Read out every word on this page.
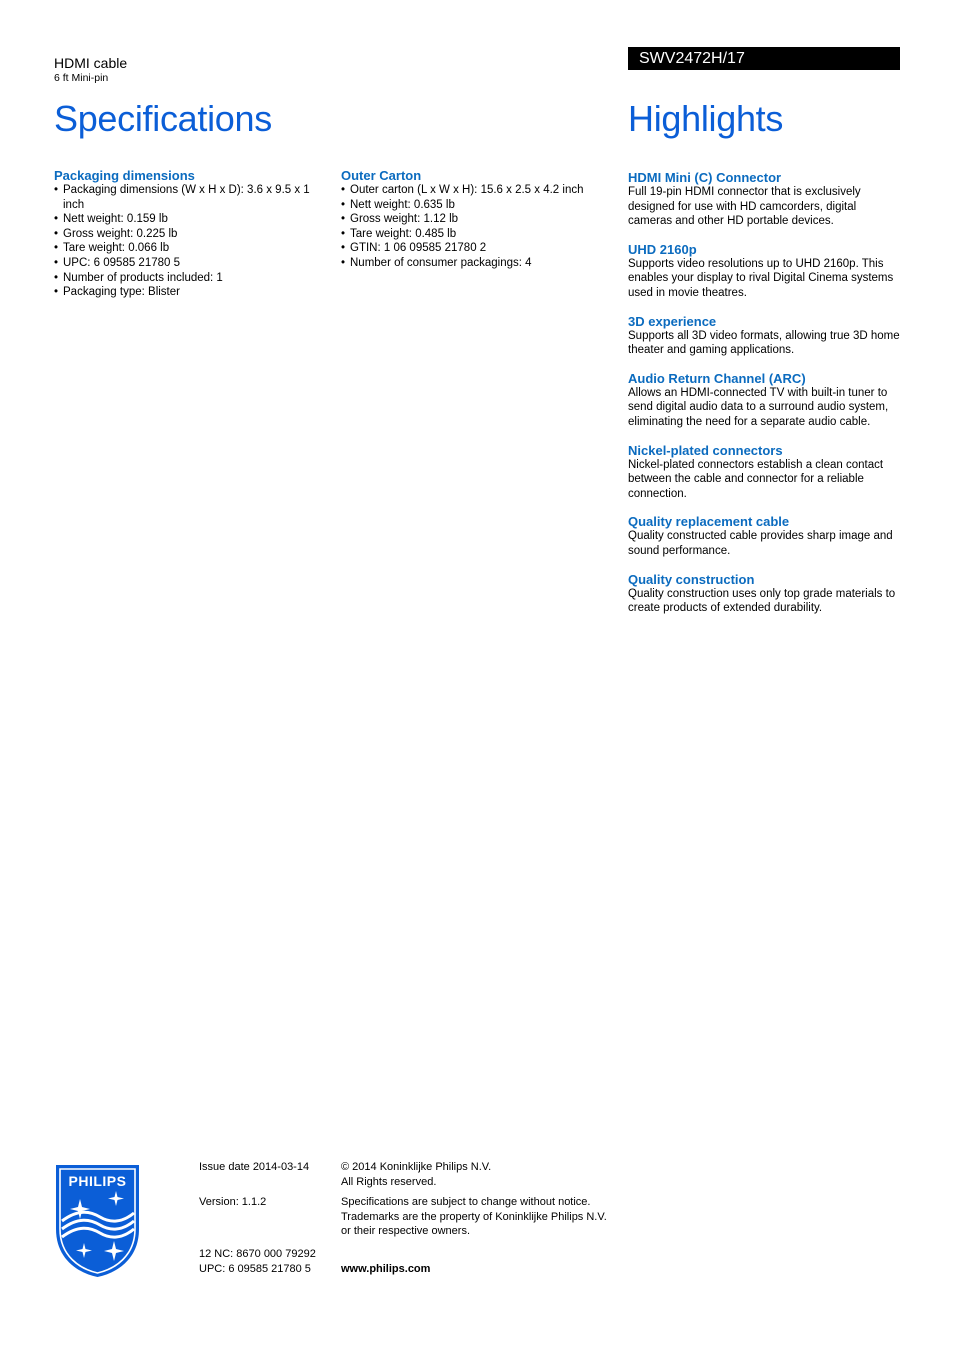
HDMI cable
6 ft Mini-pin
SWV2472H/17
Specifications	Highlights
Packaging dimensions
• Packaging dimensions (W x H x D): 3.6 x 9.5 x 1 inch
• Nett weight: 0.159 lb
• Gross weight: 0.225 lb
• Tare weight: 0.066 lb
• UPC: 6 09585 21780 5
• Number of products included: 1
• Packaging type: Blister
Outer Carton
• Outer carton (L x W x H): 15.6 x 2.5 x 4.2 inch
• Nett weight: 0.635 lb
• Gross weight: 1.12 lb
• Tare weight: 0.485 lb
• GTIN: 1 06 09585 21780 2
• Number of consumer packagings: 4
HDMI Mini (C) Connector

Full 19-pin HDMI connector that is exclusively designed for use with HD camcorders, digital cameras and other HD portable devices.

UHD 2160p

Supports video resolutions up to UHD 2160p. This enables your display to rival Digital Cinema systems used in movie theatres.

3D experience

Supports all 3D video formats, allowing true 3D home theater and gaming applications.

Audio Return Channel (ARC)

Allows an HDMI-connected TV with built-in tuner to send digital audio data to a surround audio system, eliminating the need for a separate audio cable.

Nickel-plated connectors

Nickel-plated connectors establish a clean contact between the cable and connector for a reliable connection.

Quality replacement cable

Quality constructed cable provides sharp image and sound performance.

Quality construction

Quality construction uses only top grade materials to create products of extended durability.

PHILIPS
Issue date 2014-03-14	© 2014 Koninklijke Philips N.V.
All Rights reserved.
Version: 1.1.2	Specifications are subject to change without notice.
Trademarks are the property of Koninklijke Philips N.V.
or their respective owners.
12 NC: 8670 000 79292
UPC: 6 09585 21780 5	www.philips.com
